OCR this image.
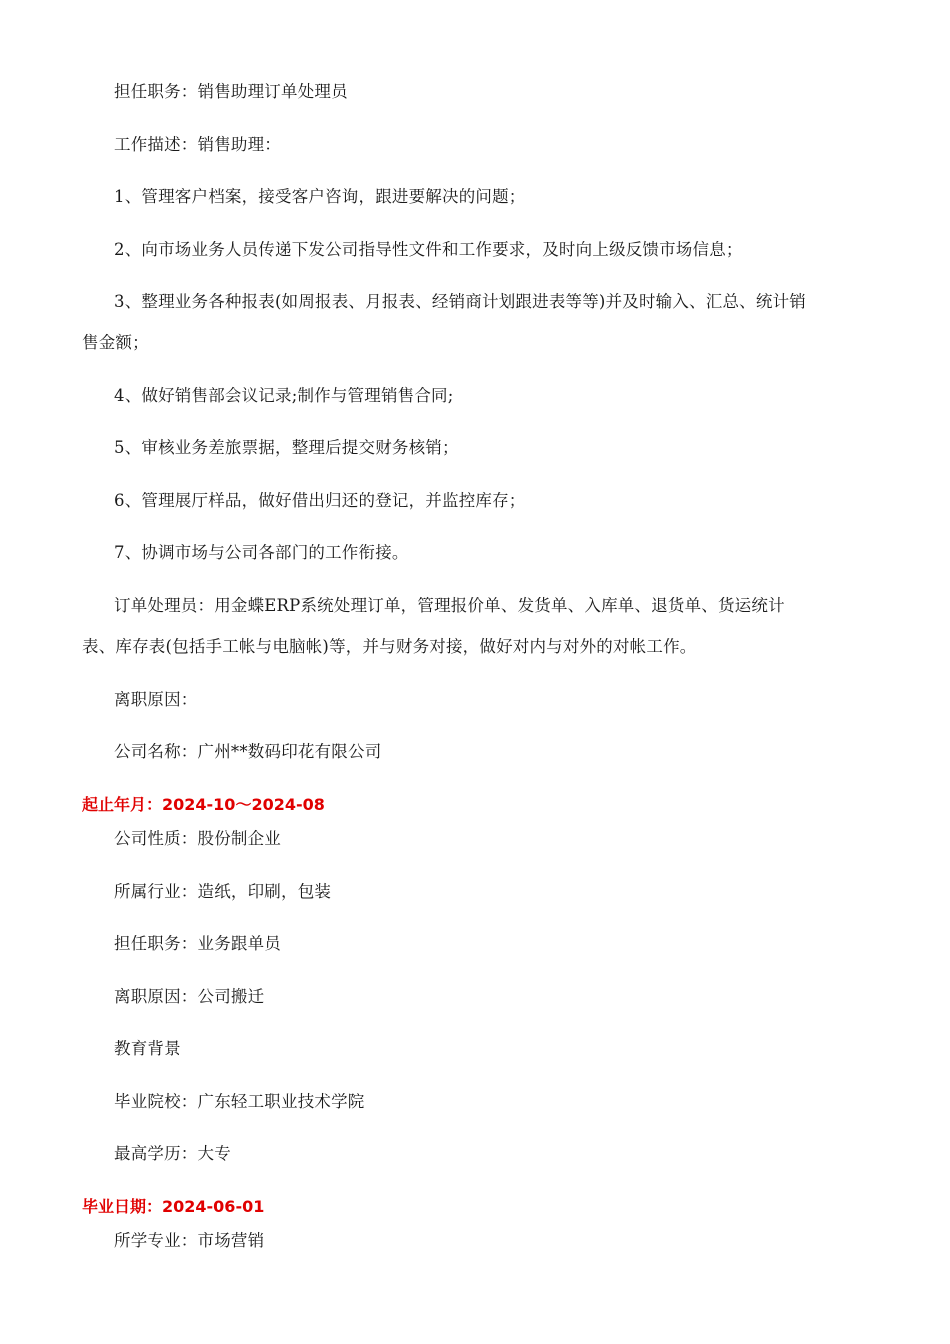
担任职务：销售助理订单处理员
工作描述：销售助理：
1、管理客户档案，接受客户咨询，跟进要解决的问题；
2、向市场业务人员传递下发公司指导性文件和工作要求，及时向上级反馈市场信息；
3、整理业务各种报表(如周报表、月报表、经销商计划跟进表等等)并及时输入、汇总、统计销
售金额；
4、做好销售部会议记录;制作与管理销售合同;
5、审核业务差旅票据，整理后提交财务核销；
6、管理展厅样品，做好借出归还的登记，并监控库存；
7、协调市场与公司各部门的工作衔接。
订单处理员：用金蝶ERP系统处理订单，管理报价单、发货单、入库单、退货单、货运统计
表、库存表(包括手工帐与电脑帐)等，并与财务对接，做好对内与对外的对帐工作。
离职原因：
公司名称：广州**数码印花有限公司
起止年月：2024-10～2024-08
公司性质：股份制企业
所属行业：造纸，印刷，包装
担任职务：业务跟单员
离职原因：公司搬迁
教育背景
毕业院校：广东轻工职业技术学院
最高学历：大专
毕业日期：2024-06-01
所学专业：市场营销
